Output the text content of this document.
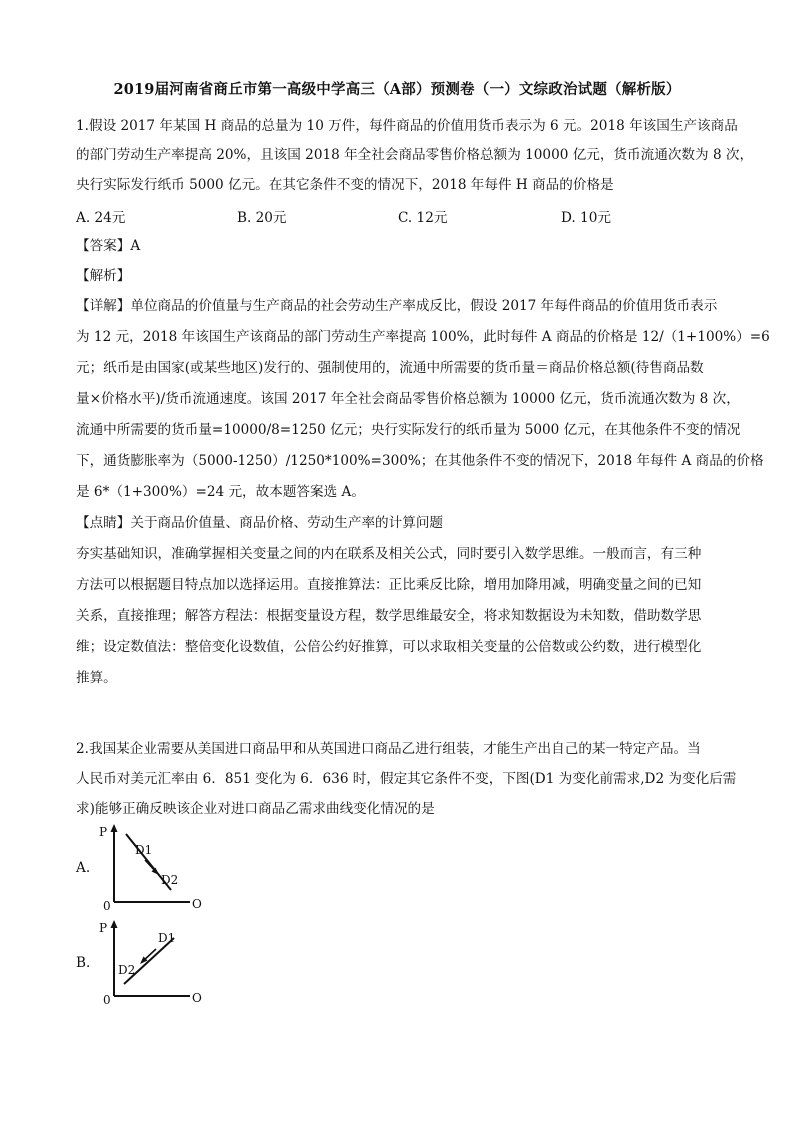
2019届河南省商丘市第一高级中学高三（A部）预测卷（一）文综政治试题（解析版）
1.假设 2017 年某国 H 商品的总量为 10 万件，每件商品的价值用货币表示为 6 元。2018 年该国生产该商品
的部门劳动生产率提高 20%，且该国 2018 年全社会商品零售价格总额为 10000 亿元，货币流通次数为 8 次，
央行实际发行纸币 5000 亿元。在其它条件不变的情况下，2018 年每件 H 商品的价格是
A. 24元	B. 20元	C. 12元	D. 10元
【答案】A
【解析】
【详解】单位商品的价值量与生产商品的社会劳动生产率成反比，假设 2017 年每件商品的价值用货币表示
为 12 元，2018 年该国生产该商品的部门劳动生产率提高 100%，此时每件 A 商品的价格是 12/（1+100%）=6
元；纸币是由国家(或某些地区)发行的、强制使用的，流通中所需要的货币量＝商品价格总额(待售商品数
量×价格水平)/货币流通速度。该国 2017 年全社会商品零售价格总额为 10000 亿元，货币流通次数为 8 次，
流通中所需要的货币量=10000/8=1250 亿元；央行实际发行的纸币量为 5000 亿元，在其他条件不变的情况
下，通货膨胀率为（5000-1250）/1250*100%=300%；在其他条件不变的情况下，2018 年每件 A 商品的价格
是 6*（1+300%）=24 元，故本题答案选 A。
【点睛】关于商品价值量、商品价格、劳动生产率的计算问题
夯实基础知识，准确掌握相关变量之间的内在联系及相关公式，同时要引入数学思维。一般而言，有三种
方法可以根据题目特点加以选择运用。直接推算法：正比乘反比除，增用加降用减，明确变量之间的已知
关系，直接推理；解答方程法：根据变量设方程，数学思维最安全，将求知数据设为未知数，借助数学思
维；设定数值法：整倍变化设数值，公倍公约好推算，可以求取相关变量的公倍数或公约数，进行模型化
推算。
2.我国某企业需要从美国进口商品甲和从英国进口商品乙进行组装，才能生产出自己的某一特定产品。当
人民币对美元汇率由 6．851 变化为 6．636 时，假定其它条件不变，下图(D1 为变化前需求,D2 为变化后需
求)能够正确反映该企业对进口商品乙需求曲线变化情况的是
A.
P
0	O
D1
D2
B.
P
0	O
D1
D2
